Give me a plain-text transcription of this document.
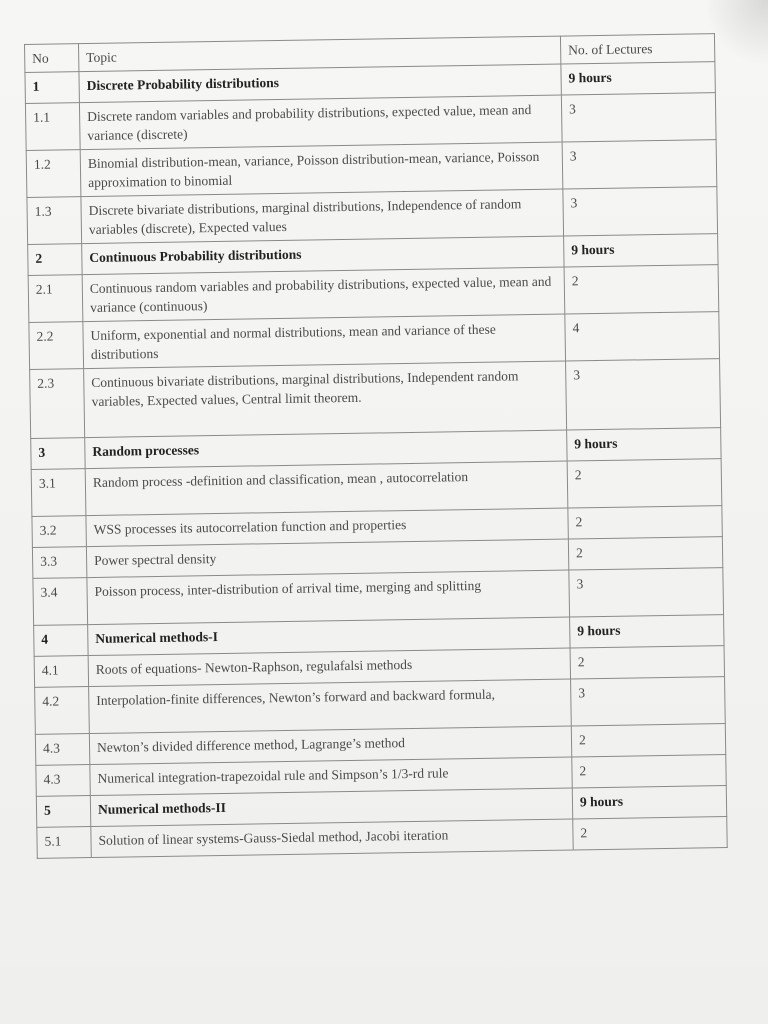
No	Topic	No. of Lectures
1	Discrete Probability distributions	9 hours
1.1	Discrete random variables and probability distributions, expected value, mean and variance (discrete)	3
1.2	Binomial distribution-mean, variance, Poisson distribution-mean, variance, Poisson approximation to binomial	3
1.3	Discrete bivariate distributions, marginal distributions, Independence of random variables (discrete), Expected values	3
2	Continuous Probability distributions	9 hours
2.1	Continuous random variables and probability distributions, expected value, mean and variance (continuous)	2
2.2	Uniform, exponential and normal distributions, mean and variance of these distributions	4
2.3	Continuous bivariate distributions, marginal distributions, Independent random variables, Expected values, Central limit theorem.	3
3	Random processes	9 hours
3.1	Random process -definition and classification, mean , autocorrelation	2
3.2	WSS processes its autocorrelation function and properties	2
3.3	Power spectral density	2
3.4	Poisson process, inter-distribution of arrival time, merging and splitting	3
4	Numerical methods-I	9 hours
4.1	Roots of equations- Newton-Raphson, regulafalsi methods	2
4.2	Interpolation-finite differences, Newton’s forward and backward formula,	3
4.3	Newton’s divided difference method, Lagrange’s method	2
4.3	Numerical integration-trapezoidal rule and Simpson’s 1/3-rd rule	2
5	Numerical methods-II	9 hours
5.1	Solution of linear systems-Gauss-Siedal method, Jacobi iteration	2
